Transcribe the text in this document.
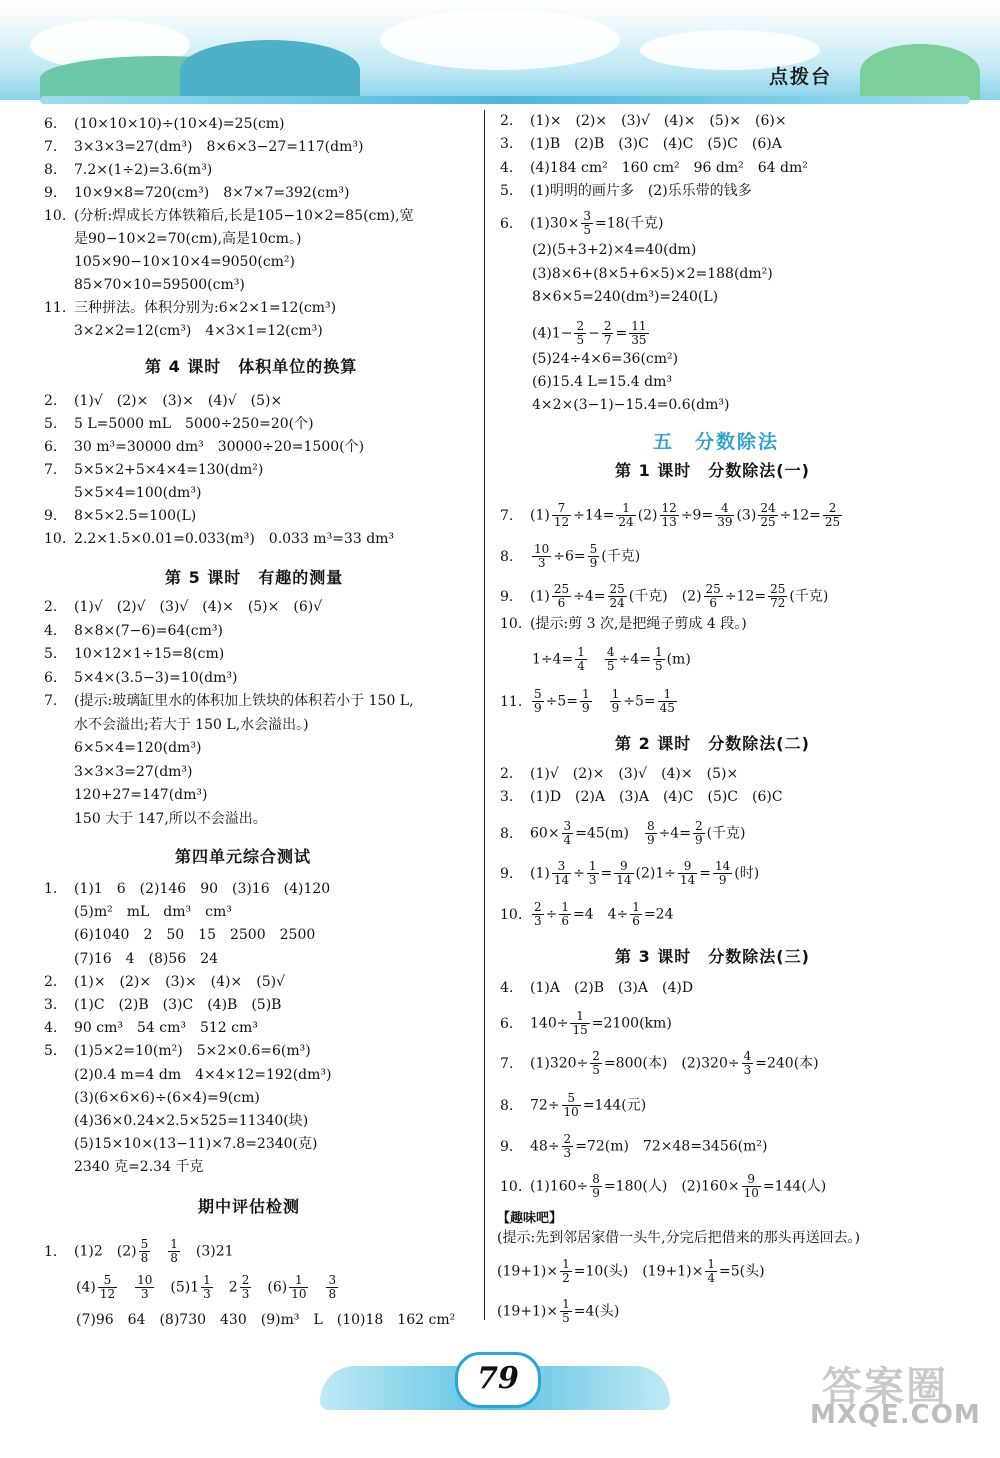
点拨台
6. (10×10×10)÷(10×4)=25(cm)
7. 3×3×3=27(dm³)　8×6×3−27=117(dm³)
8. 7.2×(1÷2)=3.6(m³)
9. 10×9×8=720(cm³)　8×7×7=392(cm³)
10. (分析:焊成长方体铁箱后,长是105−10×2=85(cm),宽
是90−10×2=70(cm),高是10cm。)
105×90−10×10×4=9050(cm²)
85×70×10=59500(cm³)
11. 三种拼法。体积分别为:6×2×1=12(cm³)
3×2×2=12(cm³)　4×3×1=12(cm³)
第 4 课时　体积单位的换算
2. (1)√　(2)×　(3)×　(4)√　(5)×
5. 5 L=5000 mL　5000÷250=20(个)
6. 30 m³=30000 dm³　30000÷20=1500(个)
7. 5×5×2+5×4×4=130(dm²)
5×5×4=100(dm³)
9. 8×5×2.5=100(L)
10. 2.2×1.5×0.01=0.033(m³)　0.033 m³=33 dm³
第 5 课时　有趣的测量
2. (1)√　(2)√　(3)√　(4)×　(5)×　(6)√
4. 8×8×(7−6)=64(cm³)
5. 10×12×1÷15=8(cm)
6. 5×4×(3.5−3)=10(dm³)
7. (提示:玻璃缸里水的体积加上铁块的体积若小于 150 L,
水不会溢出;若大于 150 L,水会溢出。)
6×5×4=120(dm³)
3×3×3=27(dm³)
120+27=147(dm³)
150 大于 147,所以不会溢出。
第四单元综合测试
1. (1)1　6　(2)146　90　(3)16　(4)120
(5)m²　mL　dm³　cm³
(6)1040　2　50　15　2500　2500
(7)16　4　(8)56　24
2. (1)×　(2)×　(3)×　(4)×　(5)√
3. (1)C　(2)B　(3)C　(4)B　(5)B
4. 90 cm³　54 cm³　512 cm³
5. (1)5×2=10(m²)　5×2×0.6=6(m³)
(2)0.4 m=4 dm　4×4×12=192(dm³)
(3)(6×6×6)÷(6×4)=9(cm)
(4)36×0.24×2.5×525=11340(块)
(5)15×10×(13−11)×7.8=2340(克)
2340 克=2.34 千克
期中评估检测
1. (1)2　$(2) \frac{5}{8}$
　 $\frac{1}{8}$
　 (3)21
$(4) \frac{5}{12}$
　 $\frac{10}{3}$
　 $(5)1 \frac{1}{3}$
　 $2 \frac{2}{3}$
　 $(6) \frac{1}{10}$
　 $\frac{3}{8}$
(7)96　64　(8)730　430　(9)m³　L　(10)18　162 cm²
2. (1)×　(2)×　(3)√　(4)×　(5)×　(6)×
3. (1)B　(2)B　(3)C　(4)C　(5)C　(6)A
4. (4)184 cm²　160 cm²　96 dm²　64 dm²
5. (1)明明的画片多　(2)乐乐带的钱多
6. $(1)30\times \frac{3}{5} =18$(千克)
(2)(5+3+2)×4=40(dm)
(3)8×6+(8×5+6×5)×2=188(dm²)
8×6×5=240(dm³)=240(L)
$(4)1- \frac{2}{5} - \frac{2}{7} = \frac{11}{35}$
(5)24÷4×6=36(cm²)
(6)15.4 L=15.4 dm³
4×2×(3−1)−15.4=0.6(dm³)
五　分数除法
第 1 课时　分数除法(一)
7. $(1) \frac{7}{12} \div 14= \frac{1}{24} (2) \frac{12}{13} \div 9= \frac{4}{39} (3) \frac{24}{25} \div 12= \frac{2}{25}$
8. $\frac{10}{3} \div 6= \frac{5}{9}$ (千克)
9. $(1) \frac{25}{6} \div 4= \frac{25}{24}$ (千克)　$(2) \frac{25}{6} \div 12= \frac{25}{72}$ (千克)
10. (提示:剪 3 次,是把绳子剪成 4 段。)
$1\div 4= \frac{1}{4}$
　 $\frac{4}{5} \div 4= \frac{1}{5} (m)$
11. $\frac{5}{9} \div 5= \frac{1}{9}$
　 $\frac{1}{9} \div 5= \frac{1}{45}$
第 2 课时　分数除法(二)
2. (1)√　(2)×　(3)√　(4)×　(5)×
3. (1)D　(2)A　(3)A　(4)C　(5)C　(6)C
8. $60\times \frac{3}{4} =45(m)$　 $\frac{8}{9} \div 4= \frac{2}{9}$ (千克)
9. $(1) \frac{3}{14} \div \frac{1}{3} = \frac{9}{14} (2)1\div \frac{9}{14} = \frac{14}{9}$ (时)
10. $\frac{2}{3} \div \frac{1}{6} =4$　$4\div \frac{1}{6} =24$
第 3 课时　分数除法(三)
4. (1)A　(2)B　(3)A　(4)D
6. $140\div \frac{1}{15} =2100(km)$
7. $(1)320\div \frac{2}{5} =800$(本)　$(2)320\div \frac{4}{3} =240$(本)
8. $72\div \frac{5}{10} =144$(元)
9. $48\div \frac{2}{3} =72(m)$　72×48=3456(m²)
10. $(1)160\div \frac{8}{9} =180$(人)　$(2)160\times \frac{9}{10} =144$(人)
【趣味吧】
(提示:先到邻居家借一头牛,分完后把借来的那头再送回去。)
$(19+1)\times \frac{1}{2} =10$(头)　$(19+1)\times \frac{1}{4} =5$(头)
$(19+1)\times \frac{1}{5} =4$(头)
79	答案圈
MXQE.COM
